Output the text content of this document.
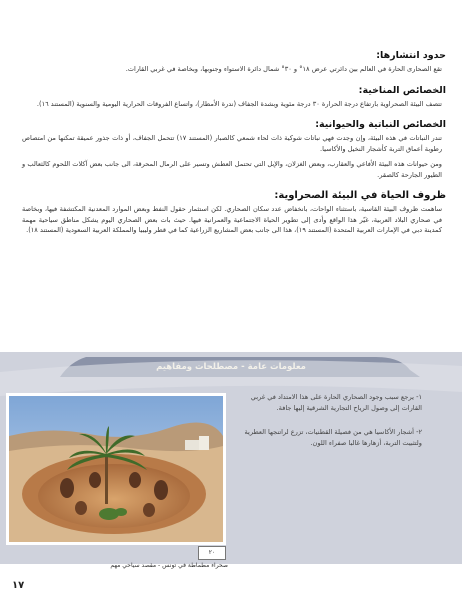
حدود انتشارها:
تقع الصحارى الحارة في العالم بين دائرتي عرض ١٨° و ٣٠° شمال دائرة الاستواء وجنوبها، وبخاصة في غربي القارات.
الخصائص المناخية:
تتصف البيئة الصحراوية بارتفاع درجة الحرارة ٣٠ درجة مئوية وبشدة الجفاف (ندرة الأمطار)، واتساع الفروقات الحرارية اليومية والسنوية (المستند ١٦).
الخصائص النباتية والحيوانية:
تندر النباتات في هذه البيئة، وإن وجدت فهي نباتات شوكية ذات لحاء شمعي كالصبار (المستند ١٧) تتحمل الجفاف، أو ذات جذور عميقة تمكنها من امتصاص رطوبة أعماق التربة كأشجار النخيل والأكاسيا.
ومن حيوانات هذه البيئة الأفاعي والعقارب، وبعض الغزلان، والإبل التي تحتمل العطش وتسير على الرمال المحرقة، الى جانب بعض آكلات اللحوم كالثعالب و الطيور الجارحة كالصقر.
ظروف الحياة في البيئة الصحراوية:
ساهمت ظروف البيئة القاسية، باستثناء الواحات، بانخفاض عدد سكان الصحاري. لكن استثمار حقول النفط وبعض الموارد المعدنية المكتشفة فيها، وبخاصة في صحاري البلاد العربية، غيّر هذا الواقع وأدى إلى تطوير الحياة الاجتماعية والعمرانية فيها. حيث بات بعض الصحاري اليوم يشكل مناطق سياحية مهمة كمدينة دبي في الإمارات العربية المتحدة (المستند ١٩)، هذا الى جانب بعض المشاريع الزراعية كما في قطر وليبيا والمملكة العربية السعودية (المستند ١٨).
معلومات عامة - مصطلحات ومفاهيم
١- يرجع سبب وجود الصحاري الحارة على هذا الامتداد في غربي القارات إلى وصول الرياح التجارية الشرقية إليها جافة.
٢- أشجار الأكاسيا هي من فصيلة القطنيات، تزرع لراتنجها العطرية ولتثبيت التربة، أزهارها غالبا صفراء اللون.
٢٠
صحراء مطماطة في تونس - مقصد سياحي مهم
١٧
